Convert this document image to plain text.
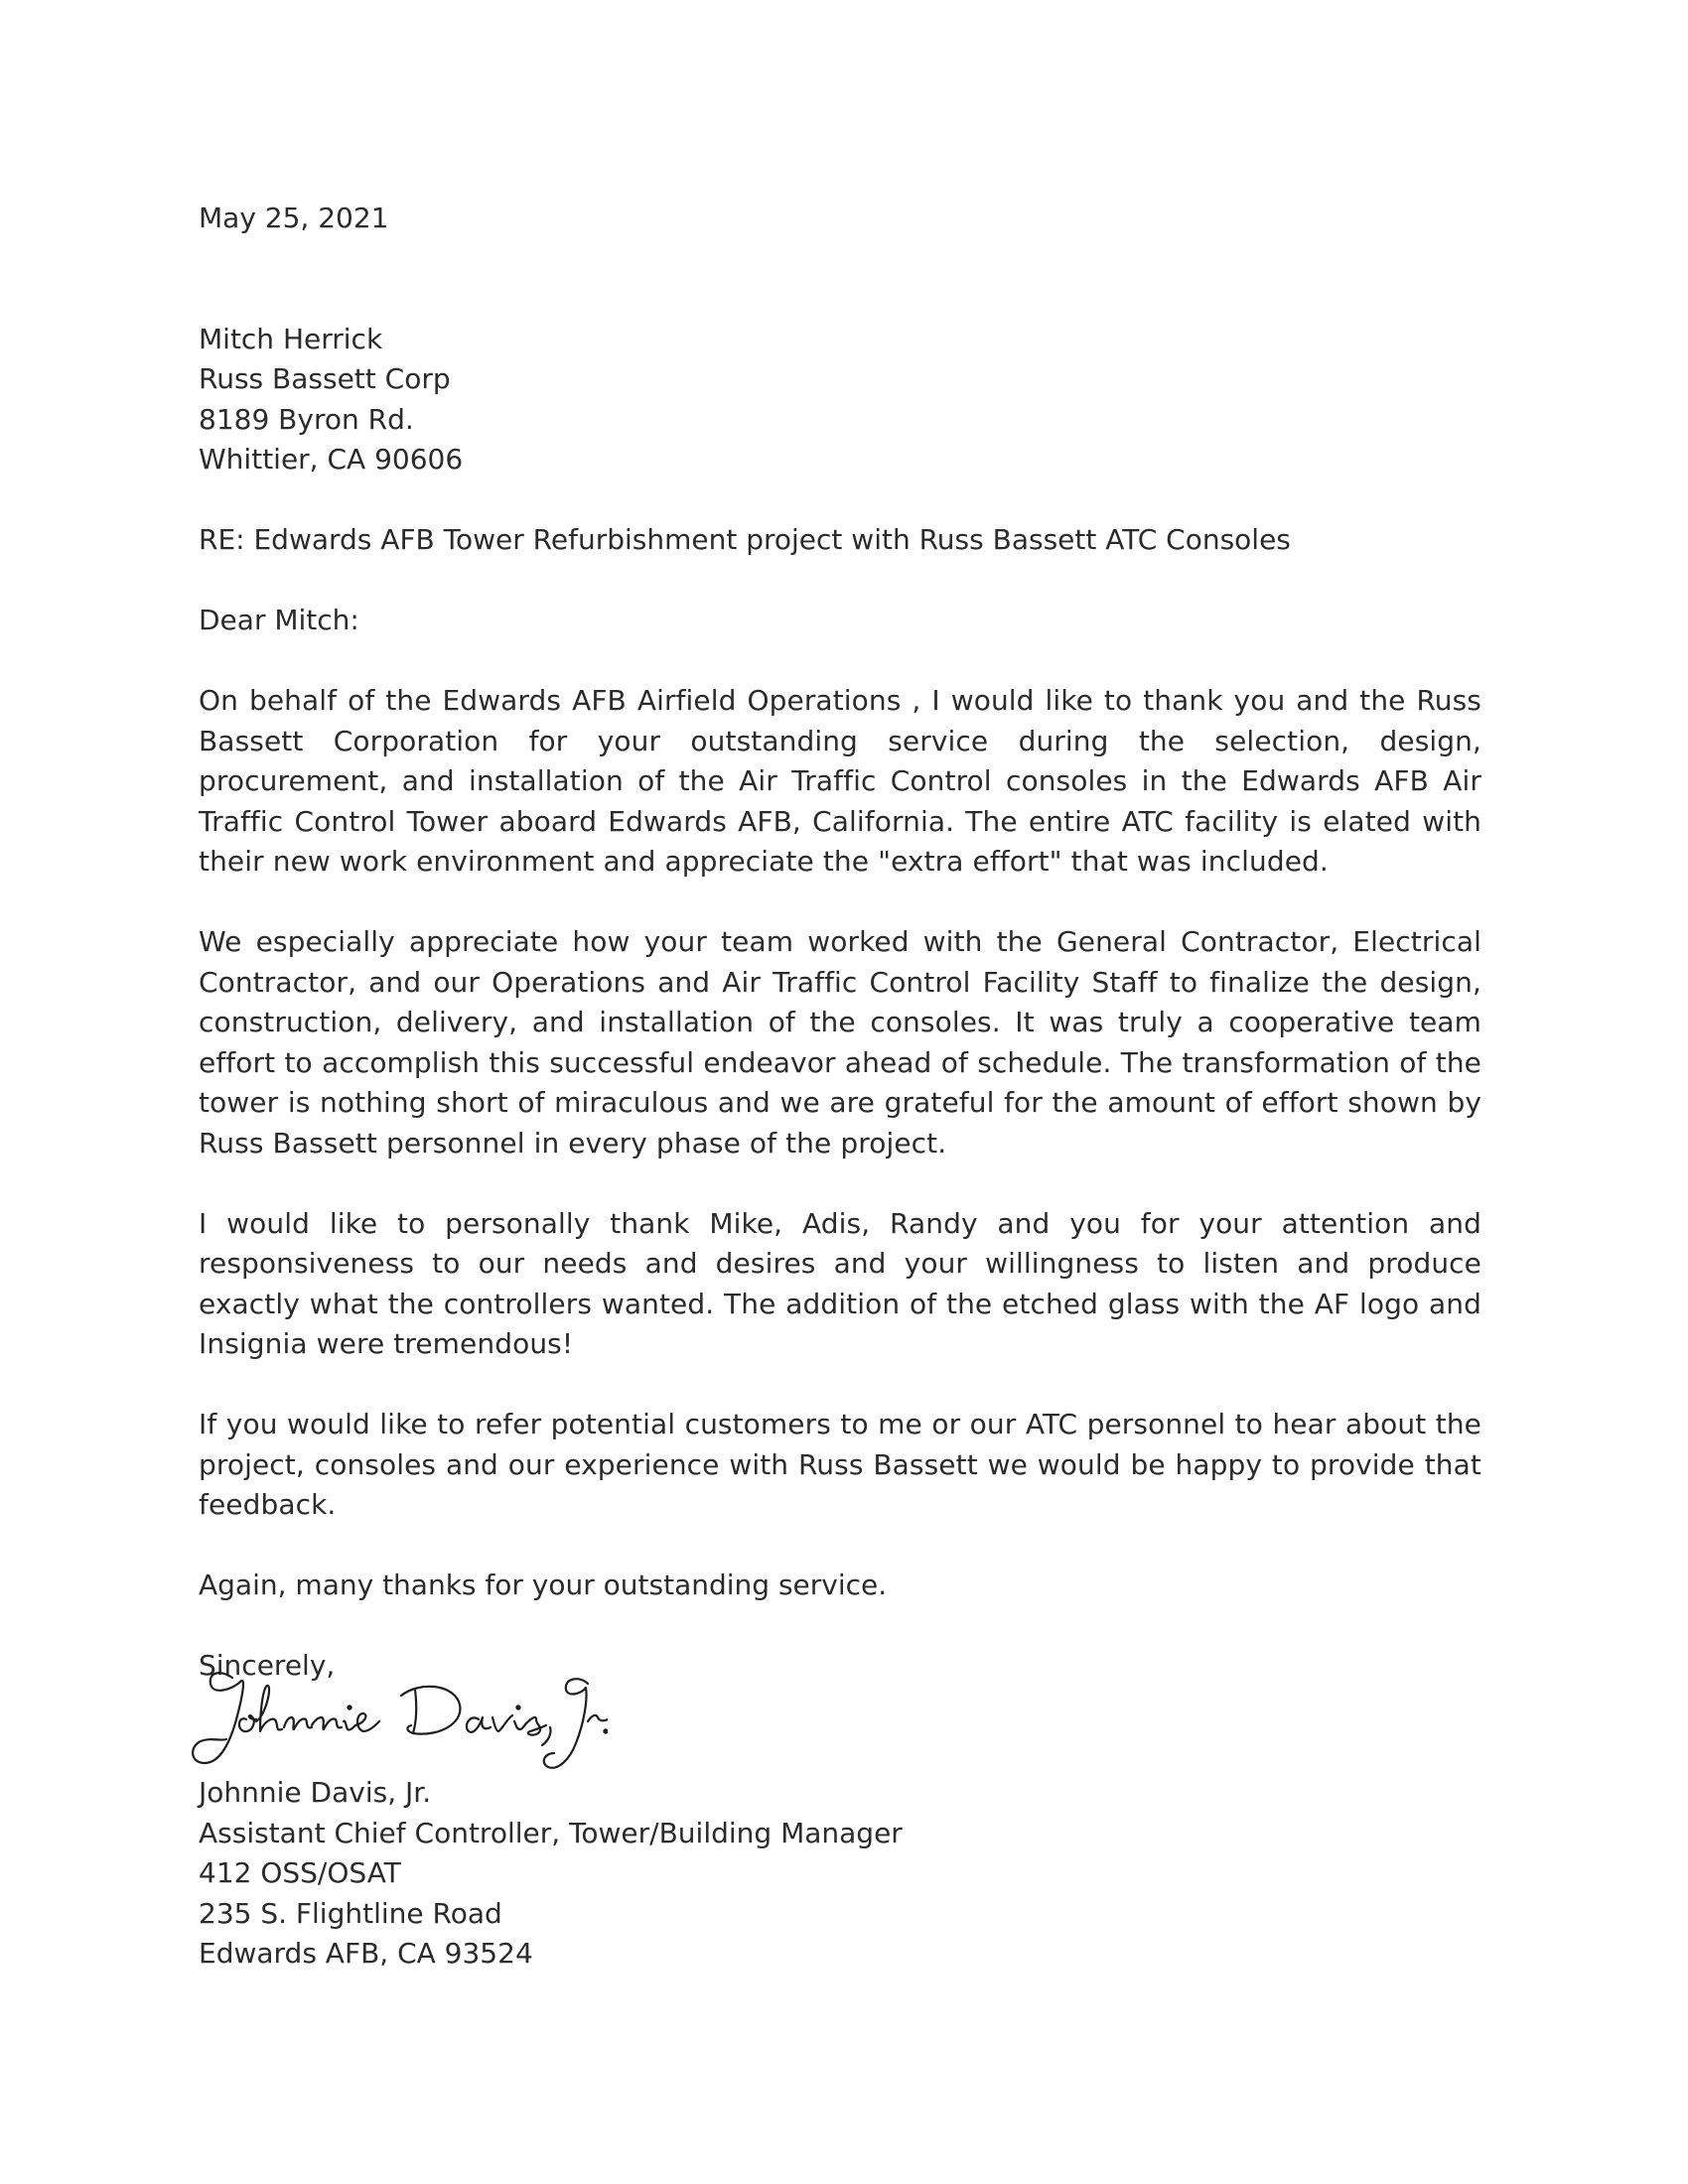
May 25, 2021
Mitch Herrick
Russ Bassett Corp
8189 Byron Rd.
Whittier, CA 90606
RE: Edwards AFB Tower Refurbishment project with Russ Bassett ATC Consoles
Dear Mitch:

On behalf of the Edwards AFB Airfield Operations , I would like to thank you and the Russ Bassett Corporation for your outstanding service during the selection, design, procurement, and installation of the Air Traffic Control consoles in the Edwards AFB Air Traffic Control Tower aboard Edwards AFB, California. The entire ATC facility is elated with their new work environment and appreciate the "extra effort" that was included.

We especially appreciate how your team worked with the General Contractor, Electrical Contractor, and our Operations and Air Traffic Control Facility Staff to finalize the design, construction, delivery, and installation of the consoles. It was truly a cooperative team effort to accomplish this successful endeavor ahead of schedule. The transformation of the tower is nothing short of miraculous and we are grateful for the amount of effort shown by Russ Bassett personnel in every phase of the project.

I would like to personally thank Mike, Adis, Randy and you for your attention and responsiveness to our needs and desires and your willingness to listen and produce exactly what the controllers wanted. The addition of the etched glass with the AF logo and Insignia were tremendous!

If you would like to refer potential customers to me or our ATC personnel to hear about the project, consoles and our experience with Russ Bassett we would be happy to provide that feedback.

Again, many thanks for your outstanding service.
Sincerely,
Johnnie Davis, Jr.
Assistant Chief Controller, Tower/Building Manager
412 OSS/OSAT
235 S. Flightline Road
Edwards AFB, CA 93524
